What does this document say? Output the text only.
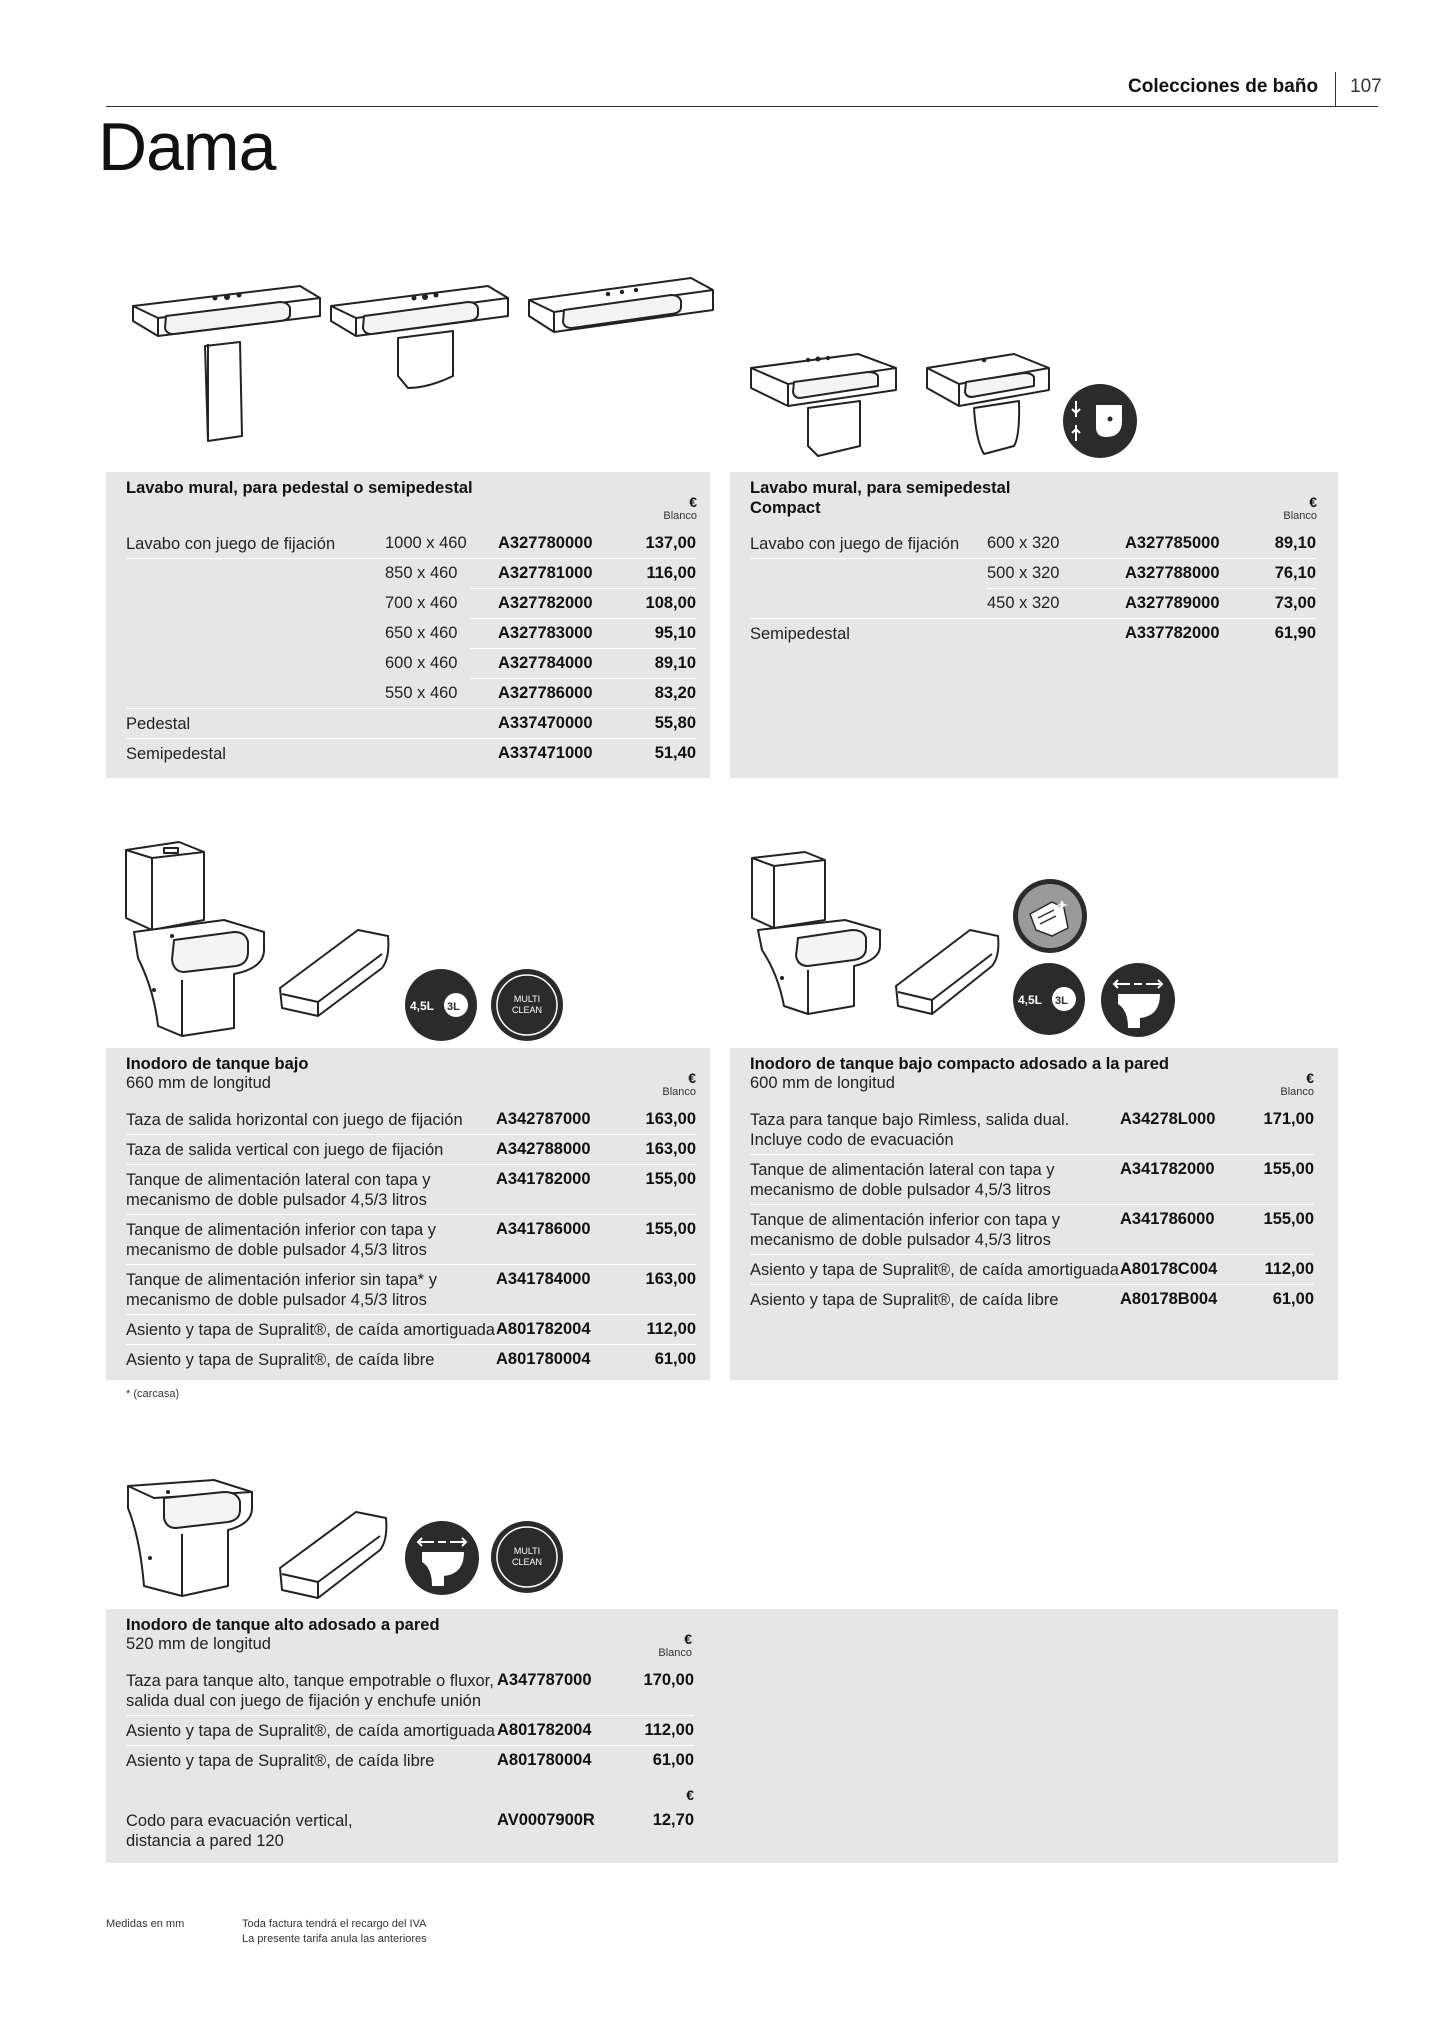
Colecciones de baño 107
Dama
Lavabo mural, para pedestal o semipedestal
€
Blanco
Lavabo con juego de fijación	1000 x 460 A327780000	137,00
850 x 460 A327781000	116,00
700 x 460 A327782000	108,00
650 x 460 A327783000	95,10
600 x 460 A327784000	89,10
550 x 460 A327786000	83,20
Pedestal	A337470000	55,80
Semipedestal	A337471000	51,40
Lavabo mural, para semipedestal
Compact	€
Blanco
Lavabo con juego de fijación 600 x 320	A327785000	89,10
500 x 320	A327788000	76,10
450 x 320	A327789000	73,00
Semipedestal	A337782000	61,90
4,5L 3L
MULTI
CLEAN
4,5L 3L
Inodoro de tanque bajo
660 mm de longitud	€
Blanco
Taza de salida horizontal con juego de fijación A342787000	163,00
Taza de salida vertical con juego de fijación	A342788000	163,00
Tanque de alimentación lateral con tapa y
mecanismo de doble pulsador 4,5/3 litros
A341782000	155,00
Tanque de alimentación inferior con tapa y
mecanismo de doble pulsador 4,5/3 litros
A341786000	155,00
Tanque de alimentación inferior sin tapa* y
mecanismo de doble pulsador 4,5/3 litros
A341784000	163,00
Asiento y tapa de Supralit®, de caída amortiguada A801782004	112,00
Asiento y tapa de Supralit®, de caída libre	A801780004	61,00
* (carcasa)
Inodoro de tanque bajo compacto adosado a la pared
600 mm de longitud	€
Blanco
Taza para tanque bajo Rimless, salida dual.
Incluye codo de evacuación
A34278L000	171,00
Tanque de alimentación lateral con tapa y
mecanismo de doble pulsador 4,5/3 litros
A341782000	155,00
Tanque de alimentación inferior con tapa y
mecanismo de doble pulsador 4,5/3 litros
A341786000	155,00
Asiento y tapa de Supralit®, de caída amortiguada A80178C004	112,00
Asiento y tapa de Supralit®, de caída libre	A80178B004	61,00
MULTI
CLEAN
Inodoro de tanque alto adosado a pared
520 mm de longitud	€
Blanco
Taza para tanque alto, tanque empotrable o fluxor,
salida dual con juego de fijación y enchufe unión
A347787000	170,00
Asiento y tapa de Supralit®, de caída amortiguada A801782004	112,00
Asiento y tapa de Supralit®, de caída libre	A801780004	61,00
€
Codo para evacuación vertical,
distancia a pared 120
AV0007900R	12,70
Medidas en mm	Toda factura tendrá el recargo del IVA
La presente tarifa anula las anteriores
